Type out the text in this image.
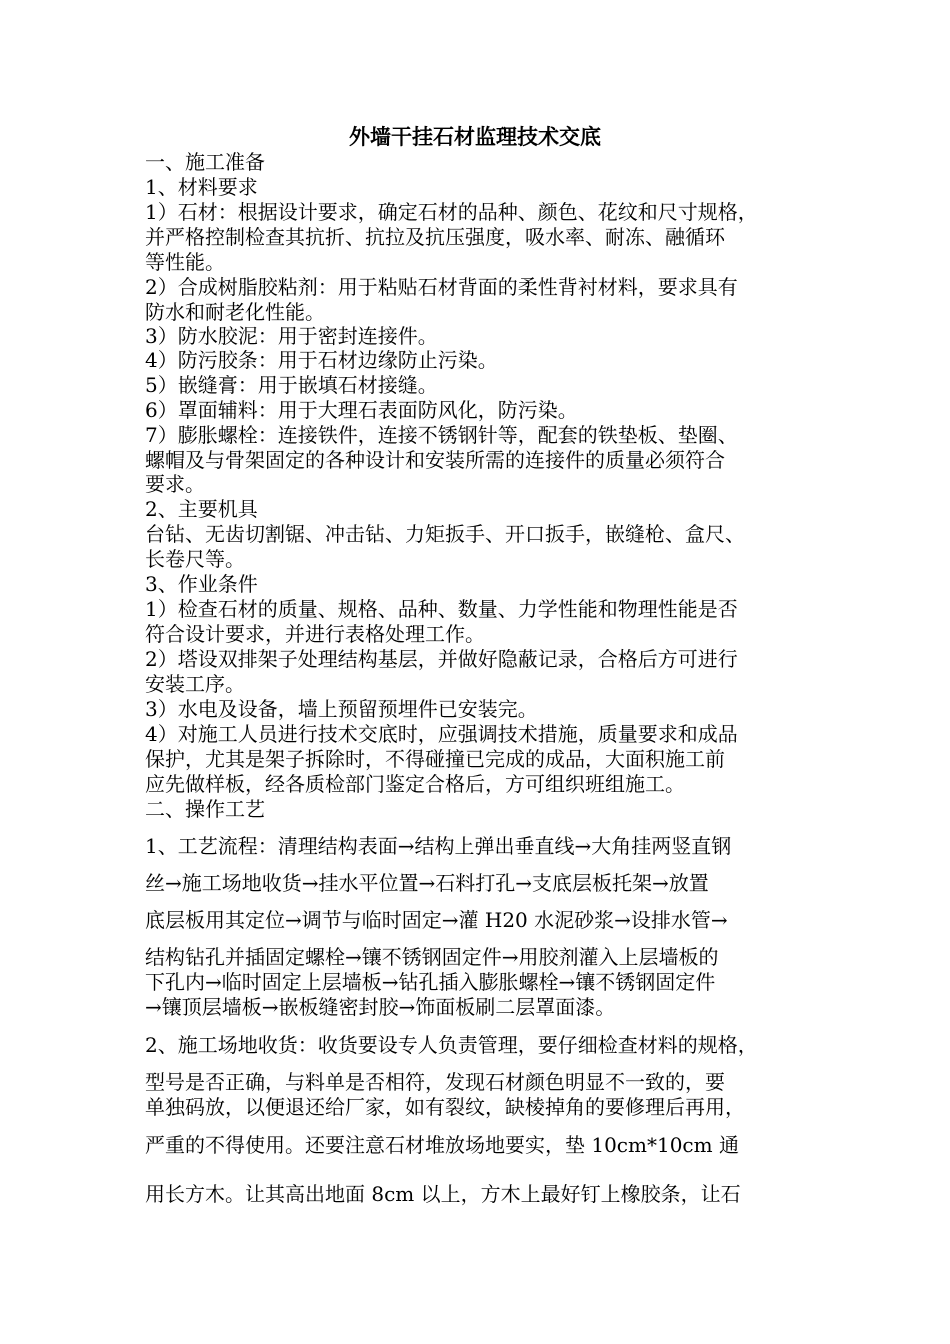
外墙干挂石材监理技术交底

一、施工准备

1、材料要求

1）石材：根据设计要求，确定石材的品种、颜色、花纹和尺寸规格，

并严格控制检查其抗折、抗拉及抗压强度，吸水率、耐冻、融循环

等性能。

2）合成树脂胶粘剂：用于粘贴石材背面的柔性背衬材料，要求具有

防水和耐老化性能。

3）防水胶泥：用于密封连接件。

4）防污胶条：用于石材边缘防止污染。

5）嵌缝膏：用于嵌填石材接缝。

6）罩面辅料：用于大理石表面防风化，防污染。

7）膨胀螺栓：连接铁件，连接不锈钢针等，配套的铁垫板、垫圈、

螺帽及与骨架固定的各种设计和安装所需的连接件的质量必须符合

要求。

2、主要机具

台钻、无齿切割锯、冲击钻、力矩扳手、开口扳手，嵌缝枪、盒尺、

长卷尺等。

3、作业条件

1）检查石材的质量、规格、品种、数量、力学性能和物理性能是否

符合设计要求，并进行表格处理工作。

2）塔设双排架子处理结构基层，并做好隐蔽记录，合格后方可进行

安装工序。

3）水电及设备，墙上预留预埋件已安装完。

4）对施工人员进行技术交底时，应强调技术措施，质量要求和成品

保护，尤其是架子拆除时，不得碰撞已完成的成品，大面积施工前

应先做样板，经各质检部门鉴定合格后，方可组织班组施工。

二、操作工艺

1、工艺流程：清理结构表面→结构上弹出垂直线→大角挂两竖直钢

丝→施工场地收货→挂水平位置→石料打孔→支底层板托架→放置

底层板用其定位→调节与临时固定→灌 H20 水泥砂浆→设排水管→

结构钻孔并插固定螺栓→镶不锈钢固定件→用胶剂灌入上层墙板的

下孔内→临时固定上层墙板→钻孔插入膨胀螺栓→镶不锈钢固定件

→镶顶层墙板→嵌板缝密封胶→饰面板刷二层罩面漆。

2、施工场地收货：收货要设专人负责管理，要仔细检查材料的规格，

型号是否正确，与料单是否相符，发现石材颜色明显不一致的，要

单独码放，以便退还给厂家，如有裂纹，缺棱掉角的要修理后再用，

严重的不得使用。还要注意石材堆放场地要实，垫 10cm*10cm 通

用长方木。让其高出地面 8cm 以上，方木上最好钉上橡胶条，让石
